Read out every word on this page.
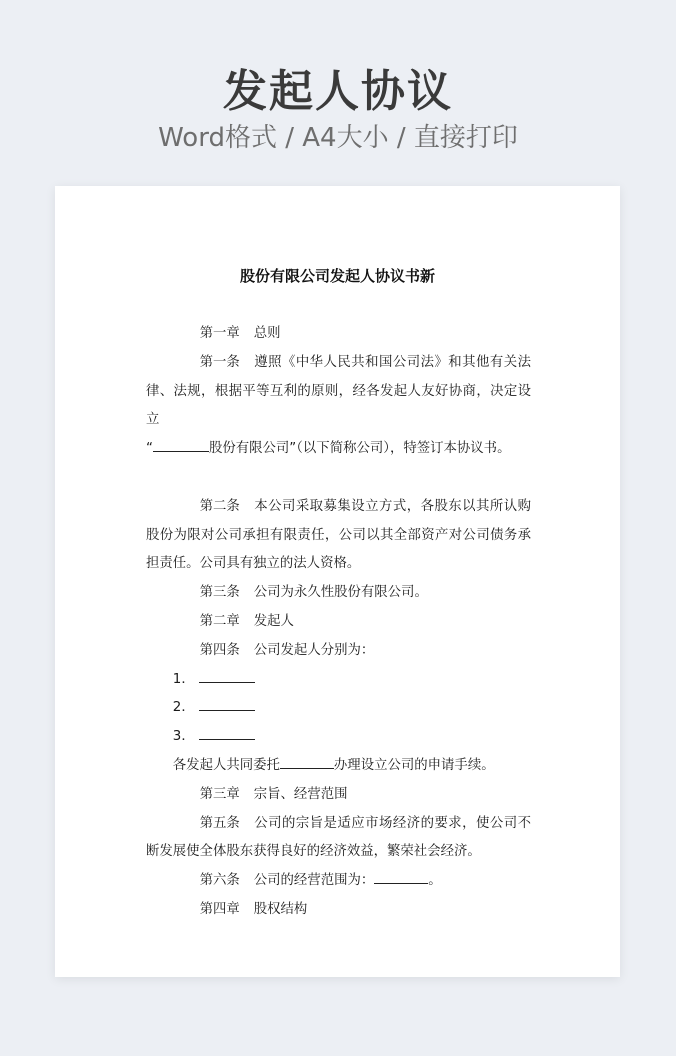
发起人协议
Word格式 / A4大小 / 直接打印
股份有限公司发起人协议书新

第一章 总则

第一条 遵照《中华人民共和国公司法》和其他有关法律、法规，根据平等互利的原则，经各发起人友好协商，决定设立
“	股份有限公司”（以下简称公司），特签订本协议书。

第二条 本公司采取募集设立方式，各股东以其所认购股份为限对公司承担有限责任，公司以其全部资产对公司债务承担责任。公司具有独立的法人资格。

第三条 公司为永久性股份有限公司。

第二章 发起人

第四条 公司发起人分别为：

1．

2．

3．

各发起人共同委托	办理设立公司的申请手续。

第三章 宗旨、经营范围

第五条 公司的宗旨是适应市场经济的要求，使公司不断发展使全体股东获得良好的经济效益，繁荣社会经济。

第六条 公司的经营范围为：	。

第四章 股权结构
